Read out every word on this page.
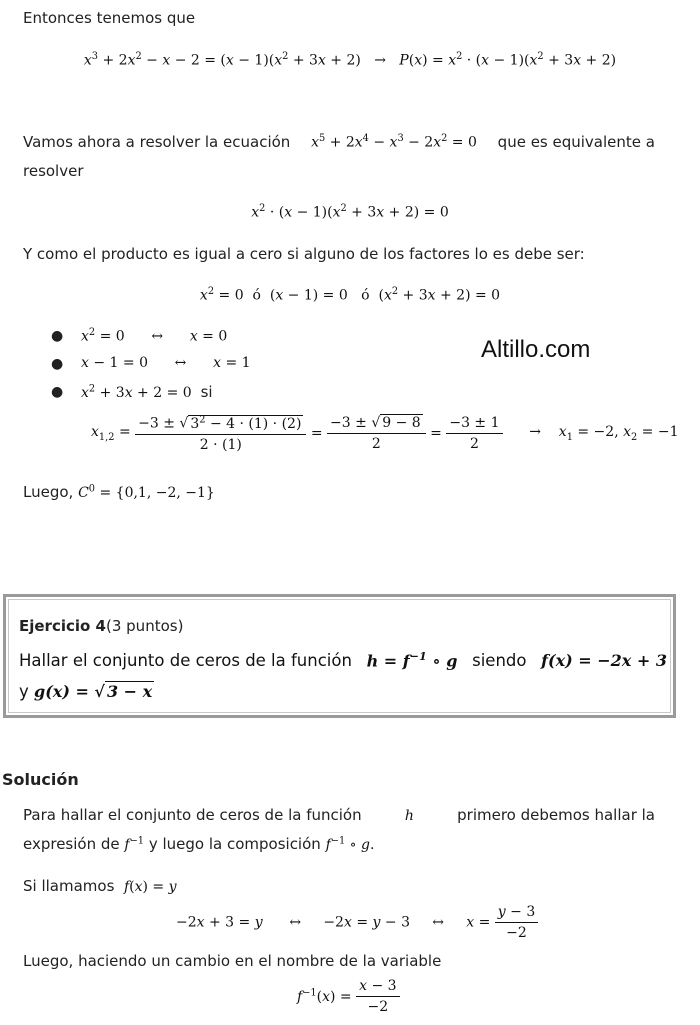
Entonces tenemos que
$x^3 + 2x^2 - x - 2 = (x - 1)(x^2 + 3x + 2) \to P(x) = x^2 \cdot (x - 1)(x^2 + 3x + 2)$
Vamos ahora a resolver la ecuación $x^5 + 2x^4 - x^3 - 2x^2 = 0$ que es equivalente a
resolver
$x^2 \cdot (x - 1)(x^2 + 3x + 2) = 0$
Y como el producto es igual a cero si alguno de los factores lo es debe ser:
$x^2 = 0$  ó  (x − 1) = 0   ó  $(x^2 + 3x + 2) = 0$
● $x^2 = 0$      ↔      x = 0
● x − 1 = 0      ↔      x = 1
● $x^2 + 3x + 2 = 0$  si
Altillo.com
$x_{1,2} = \frac{-3 \pm √ 3^2 - 4 \cdot (1) \cdot (2)}{2 \cdot (1)} = \frac{-3 \pm √ 9 - 8}{2} = \frac{-3 \pm 1}{2}$ →    $x_1 = -2$, $x_2 = -1$
Luego, $C^0 = \{0,1$, −2, −1}
Ejercicio 4(3 puntos)
Hallar el conjunto de ceros de la función $h = f^{-1}$ ∘ g siendo f(x) = −2x + 3
y g(x) = √ 3 − x
Solución
Para hallar el conjunto de ceros de la función	h	primero debemos hallar la
expresión de $f^{-1}$ y luego la composición $f^{-1}$ ∘ g.
Si llamamos f(x) = y
−2x + 3 = y      ↔     −2x = y − 3     ↔     $x = \frac{y - 3}{-2}$
Luego, haciendo un cambio en el nombre de la variable
$f^{-1}(x) = \frac{x - 3}{-2}$
